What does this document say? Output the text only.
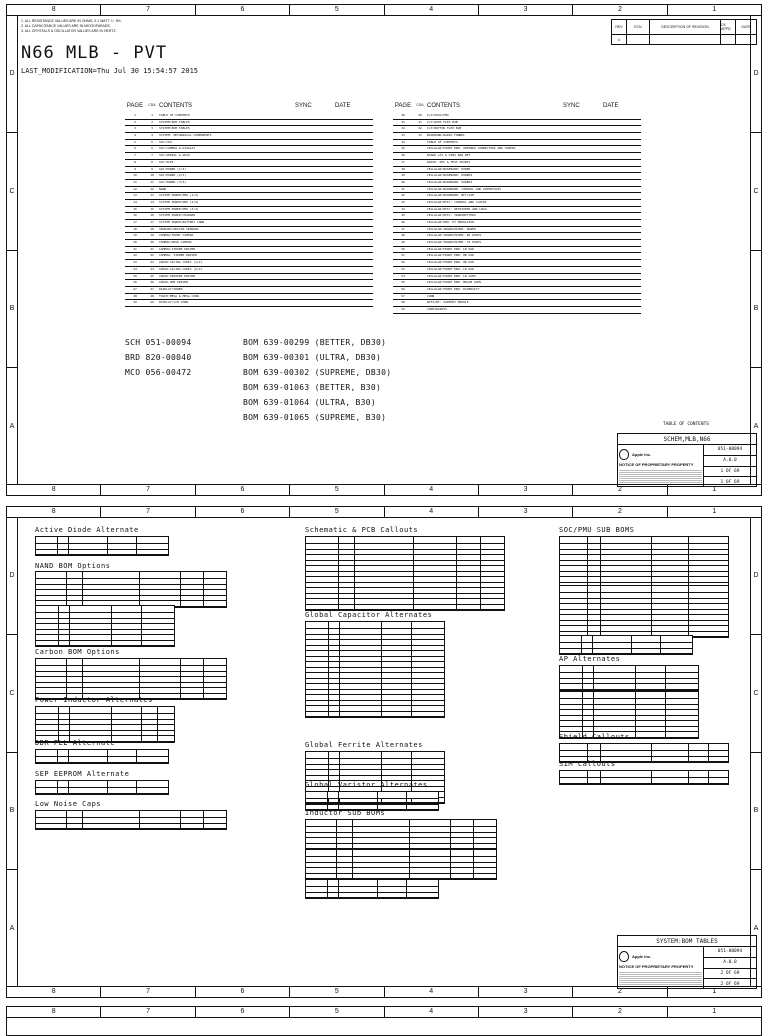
8	7	6	5	4	3	2	1
8	7	6	5	4	3	2	1
D
C
B
A
D
C
B
A
1. ALL RESISTANCE VALUES ARE IN OHMS, 0.1 WATT +/- 5%.
2. ALL CAPACITANCE VALUES ARE IN MICROFARADS.
3. ALL CRYSTALS & OSCILLATOR VALUES ARE IN HERTZ.
REV	ECN	DESCRIPTION OF REVISION	CK APPD	DATE
A
N66 MLB - PVT
LAST_MODIFICATION=Thu Jul 30 15:54:57 2015
PAGE	CSA CONTENTS	SYNC	DATE
1	1	TABLE OF CONTENTS
2	2	SYSTEM:BOM TABLES
3	3	SYSTEM:BOM TABLES
4	4	SYSTEM: MECHANICAL COMPONENTS
5	5	SOC:CPU
6	6	SOC:CAMERA & DISPLAY
7	7	SOC:SERIAL & GPIO
8	8	SOC:PCIE
9	9	SOC:POWER (1/3)
10	10	SOC:POWER (2/3)
11	11	SOC:POWER (3/3)
12	12	NAND
13	13	SYSTEM POWER:PMU (1/4)
14	14	SYSTEM POWER:PMU (2/4)
15	15	SYSTEM POWER:PMU (3/4)
16	16	SYSTEM POWER:CHARGER
17	17	SYSTEM POWER:BATTERY CONN
18	18	SENSORS:MOTION SENSORS
19	19	CAMERA:FRONT CAMERA
20	20	CAMERA:REAR CAMERA
21	21	CAMERA:STROBE DRIVER
22	22	CAMERA: STROBE DRIVER
23	23	AUDIO:CALTRA CODEC (1/2)
24	24	AUDIO:CALTRA CODEC (2/2)
25	25	AUDIO:SPEAKER DRIVER
26	26	AUDIO:AMP DRIVER
27	27	DISPLAY:POWER
28	28	TOUCH:MESA & MESA CONN
29	29	DISPLAY:LCM CONN
PAGE	CSA CONTENTS	SYNC	DATE
30	30	I/O:DOCK/FMA
31	31	I/O:DOCK FLEX B2B
32	32	I/O:BUTTON FLEX B2B
33	33	BASEBAND:RADIO FUNNEL
34	TABLE OF CONTENTS
35	CELLULAR:FRONT END: ANTENNA CONNECTORS AND TUNERS
36	BOARD LAY & SIMS BAR NFT
37	RADIO: NFC & TEST POINTS
38	CELLULAR:BASEBAND: POWER
39	CELLULAR:BASEBAND: POWER2
40	CELLULAR:BASEBAND: POWER3
41	CELLULAR:BASEBAND: CONTROL AND INTERFACES
42	CELLULAR:BASEBAND: NFC/SIM
43	CELLULAR:RFIC: CONTROL AND CLOCKS
44	CELLULAR:RFIC: RECEIVERS AND LNAS
45	CELLULAR:RFIC: TRANSMITTERS
46	CELLULAR:PMU: ET MODULATOR
47	CELLULAR:TRANSCEIVER: POWER
48	CELLULAR:TRANSCEIVER: RX PORTS
49	CELLULAR:TRANSCEIVER: TX PORTS
50	CELLULAR:FRONT END: LB PAD
51	CELLULAR:FRONT END: MB PAD
52	CELLULAR:FRONT END: HB PAD
53	CELLULAR:FRONT END: LB PAD
54	CELLULAR:FRONT END: LB ASMS
55	CELLULAR:FRONT END: MB/HB ASMS
56	CELLULAR:FRONT END: DIVERSITY
57	CONN
58	WIFI/BT: SUPPORT MODULE
59	CONSTRAINTS
SCH 051-00094
BRD 820-00040
MCO 056-00472
BOM 639-00299 (BETTER, DB30)
BOM 639-00301 (ULTRA, DB30)
BOM 639-00302 (SUPREME, DB30)
BOM 639-01063 (BETTER, B30)
BOM 639-01064 (ULTRA, B30)
BOM 639-01065 (SUPREME, B30)
TABLE OF CONTENTS
SCHEM,MLB,N66
Apple Inc.
NOTICE OF PROPRIETARY PROPERTY
051-00094
A.0.0
1 OF 69
1 OF 69
8	7	6	5	4	3	2	1
8	7	6	5	4	3	2	1
D
C
B
A
D
C
B
A
Active Diode Alternate
NAND BOM Options
Carbon BOM Options
Power Inductor Alternates
DDR PLL Alternate
SEP EEPROM Alternate
Low Noise Caps
Schematic & PCB Callouts
Global Capacitor Alternates
Global Ferrite Alternates
Global Varistor Alternates
Inductor Sub BOMs
SOC/PMU SUB BOMS
AP Alternates
Shield Callouts
SIM Callouts
SYSTEM:BOM TABLES
Apple Inc.
NOTICE OF PROPRIETARY PROPERTY
051-00094
A.0.0
2 OF 69
2 OF 69
8	7	6	5	4	3	2	1
